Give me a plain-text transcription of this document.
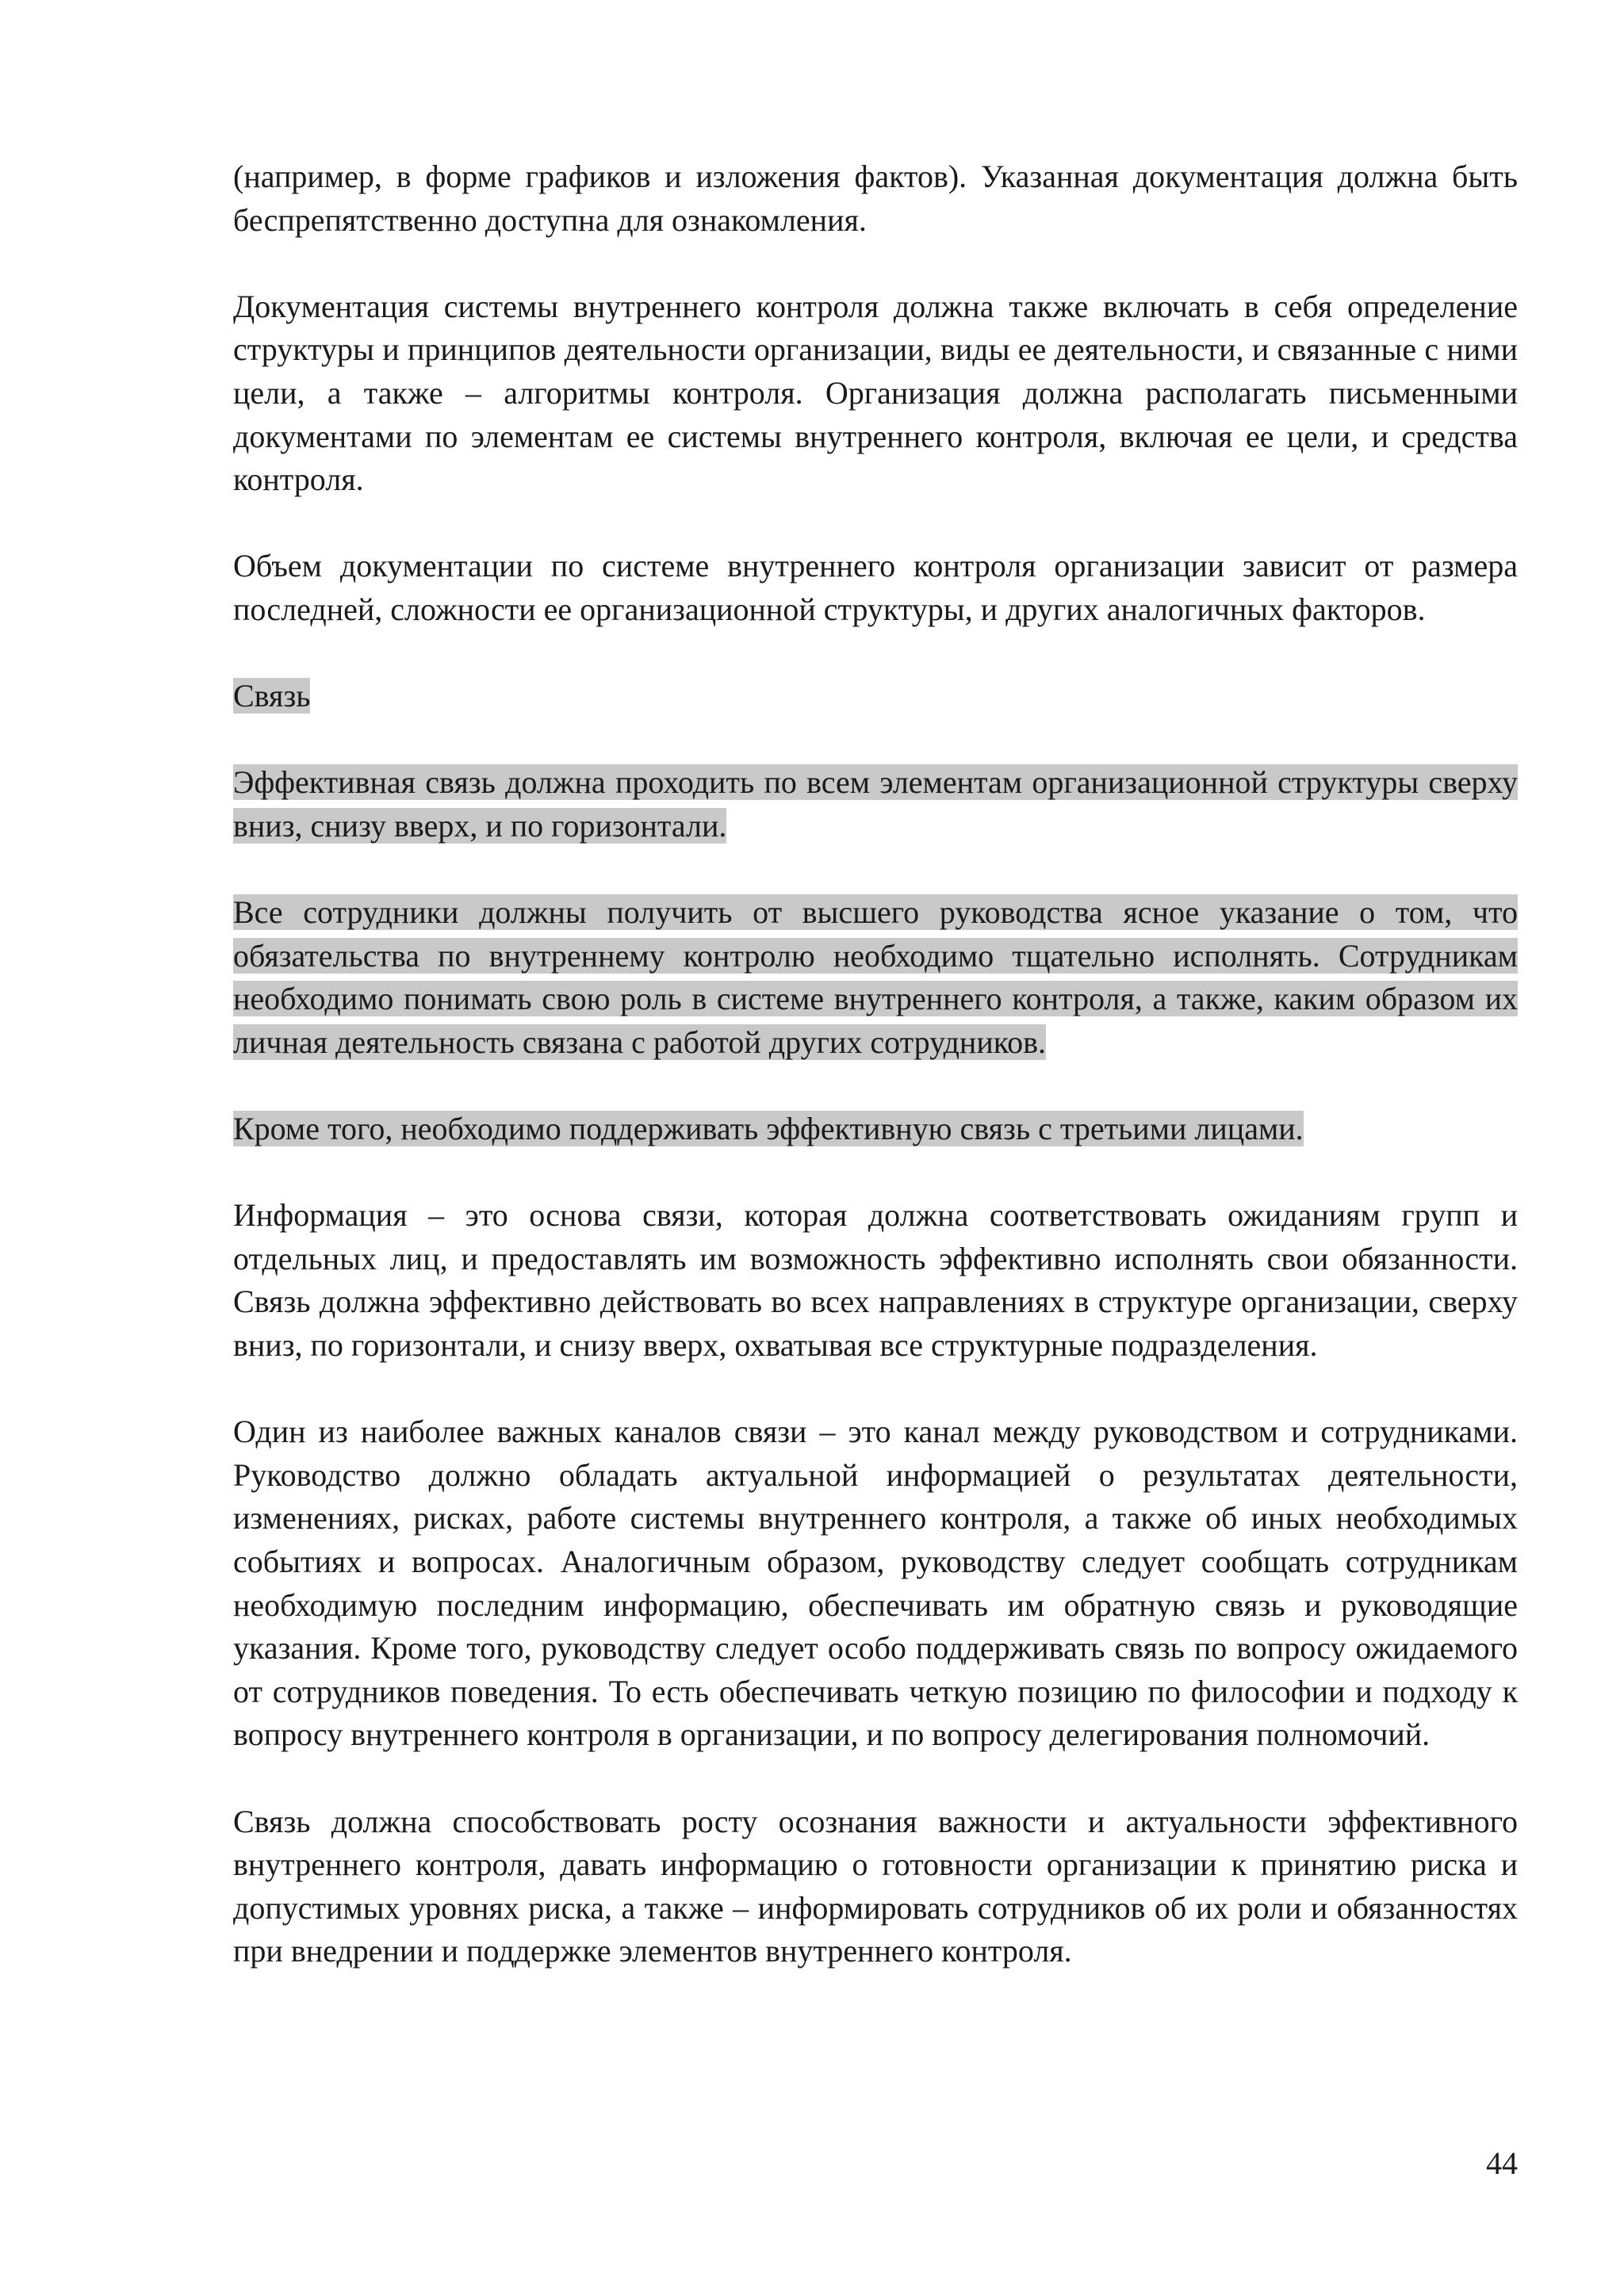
(например, в форме графиков и изложения фактов). Указанная документация должна быть беспрепятственно доступна для ознакомления.

Документация системы внутреннего контроля должна также включать в себя определение структуры и принципов деятельности организации, виды ее деятельности, и связанные с ними цели, а также – алгоритмы контроля. Организация должна располагать письменными документами по элементам ее системы внутреннего контроля, включая ее цели, и средства контроля.

Объем документации по системе внутреннего контроля организации зависит от размера последней, сложности ее организационной структуры, и других аналогичных факторов.

Связь

Эффективная связь должна проходить по всем элементам организационной структуры сверху вниз, снизу вверх, и по горизонтали.

Все сотрудники должны получить от высшего руководства ясное указание о том, что обязательства по внутреннему контролю необходимо тщательно исполнять. Сотрудникам необходимо понимать свою роль в системе внутреннего контроля, а также, каким образом их личная деятельность связана с работой других сотрудников.

Кроме того, необходимо поддерживать эффективную связь с третьими лицами.

Информация – это основа связи, которая должна соответствовать ожиданиям групп и отдельных лиц, и предоставлять им возможность эффективно исполнять свои обязанности. Связь должна эффективно действовать во всех направлениях в структуре организации, сверху вниз, по горизонтали, и снизу вверх, охватывая все структурные подразделения.

Один из наиболее важных каналов связи – это канал между руководством и сотрудниками. Руководство должно обладать актуальной информацией о результатах деятельности, изменениях, рисках, работе системы внутреннего контроля, а также об иных необходимых событиях и вопросах. Аналогичным образом, руководству следует сообщать сотрудникам необходимую последним информацию, обеспечивать им обратную связь и руководящие указания. Кроме того, руководству следует особо поддерживать связь по вопросу ожидаемого от сотрудников поведения. То есть обеспечивать четкую позицию по философии и подходу к вопросу внутреннего контроля в организации, и по вопросу делегирования полномочий.

Связь должна способствовать росту осознания важности и актуальности эффективного внутреннего контроля, давать информацию о готовности организации к принятию риска и допустимых уровнях риска, а также – информировать сотрудников об их роли и обязанностях при внедрении и поддержке элементов внутреннего контроля.

44
